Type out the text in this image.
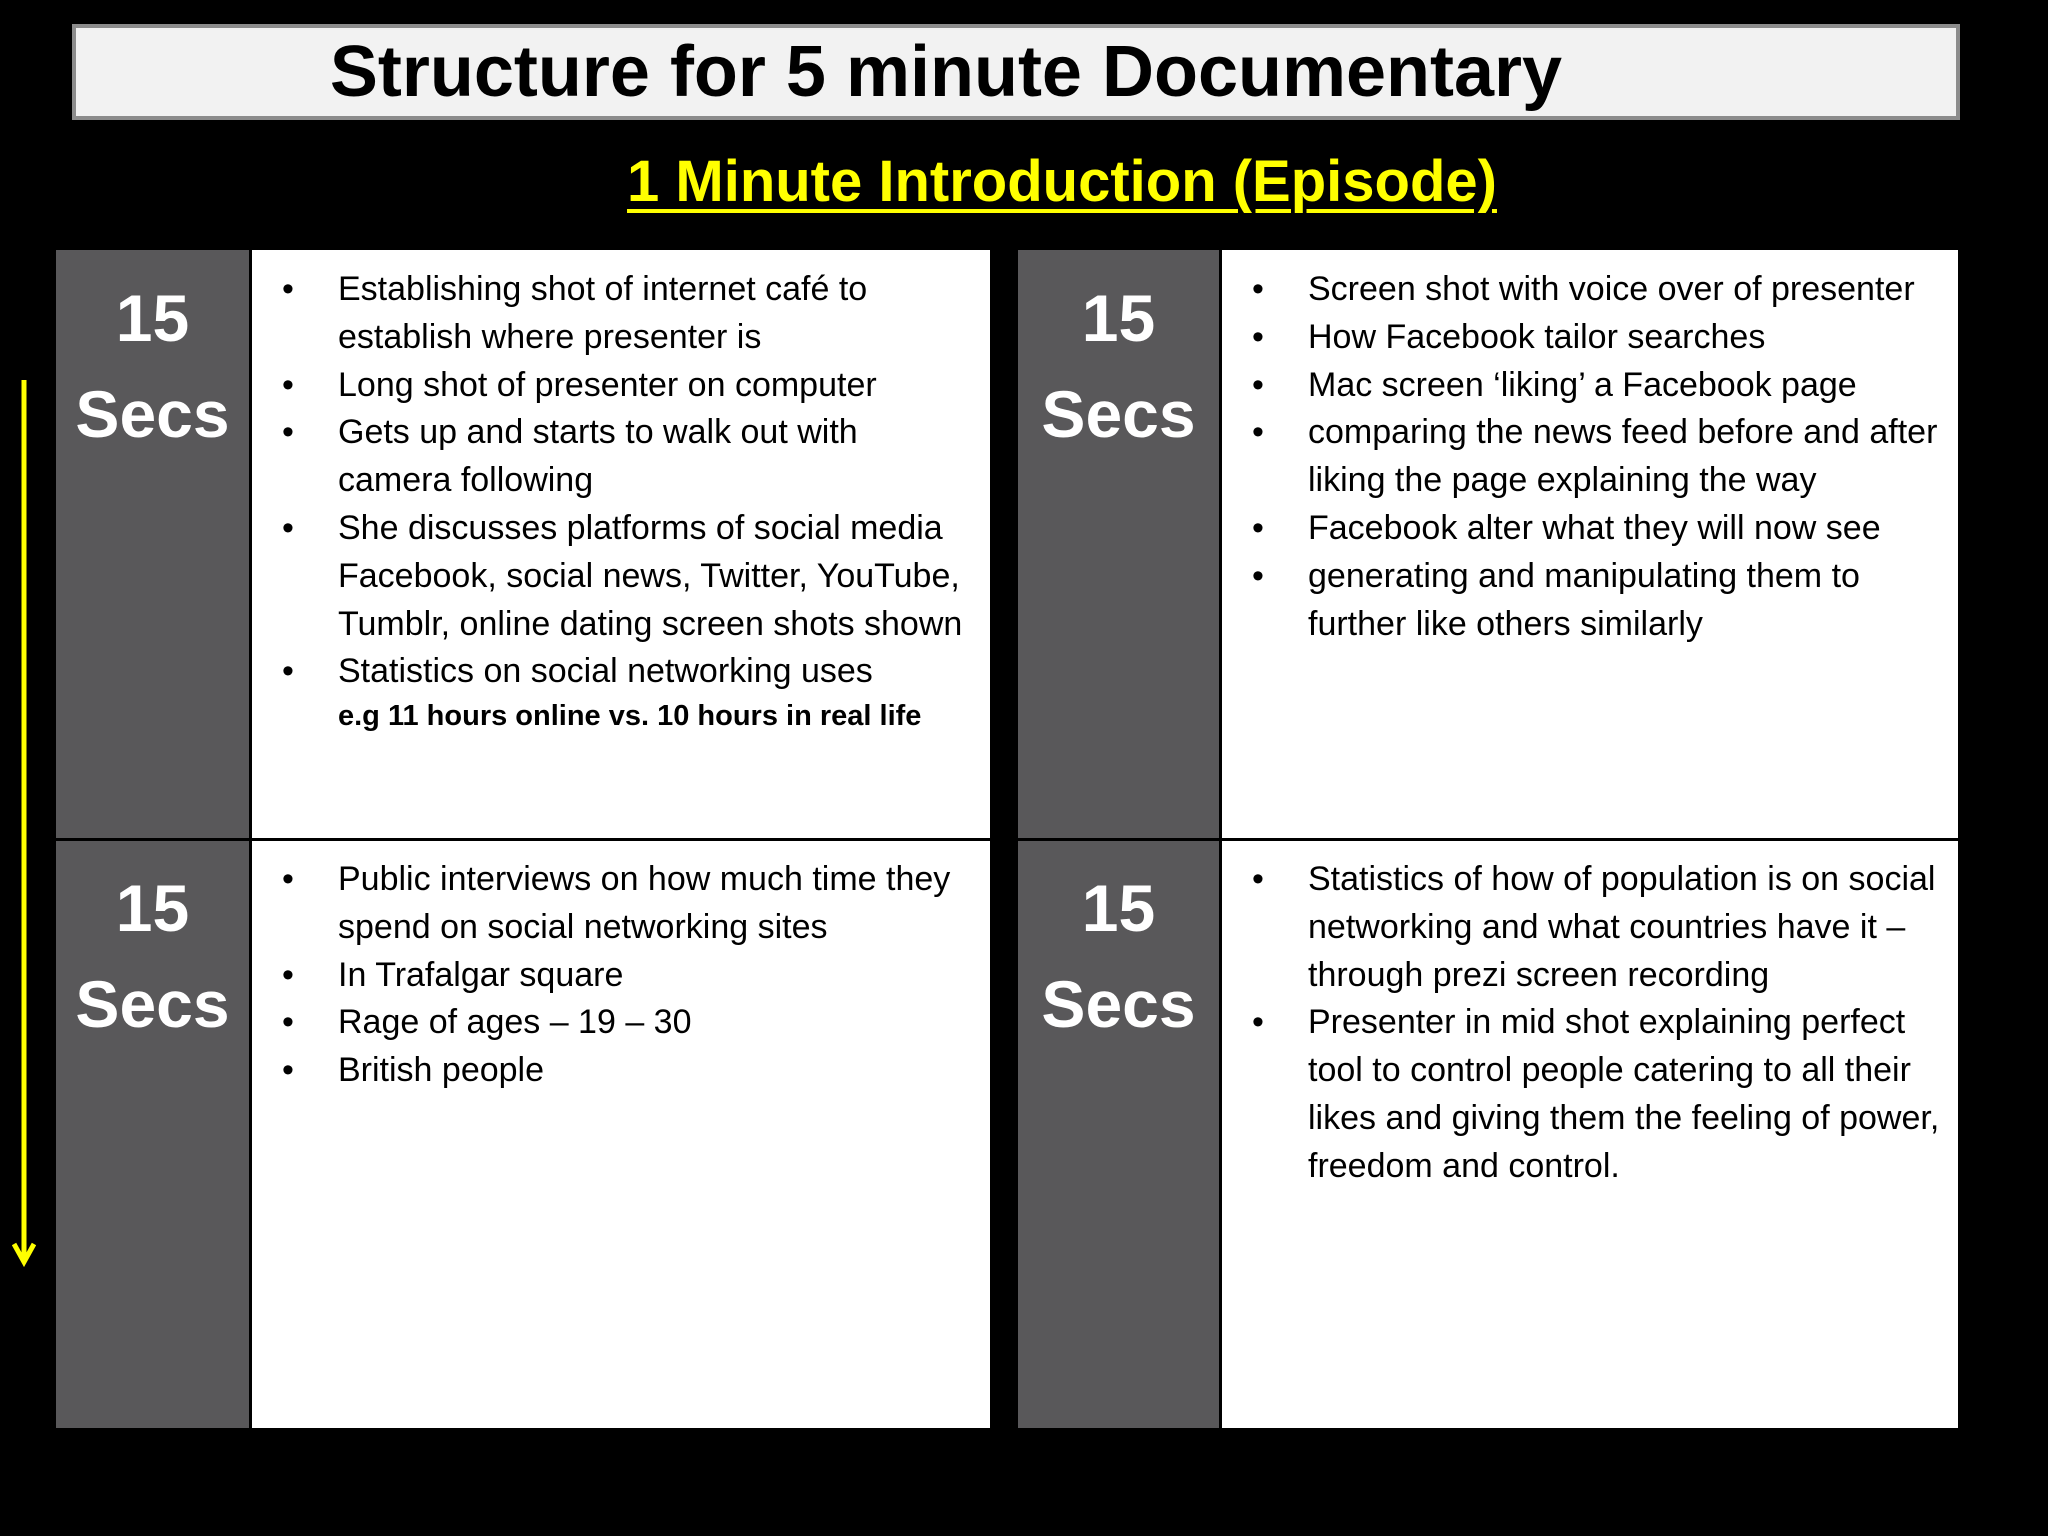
Structure for 5 minute Documentary
1 Minute Introduction (Episode)
15
Secs
• Establishing shot of internet café to establish where presenter is
• Long shot of presenter on computer
• Gets up and starts to walk out with camera following
• She discusses platforms of social media
Facebook, social news, Twitter, YouTube, Tumblr, online dating screen shots shown
• Statistics on social networking uses
e.g 11 hours online vs. 10 hours in real life
15
Secs
• Screen shot with voice over of presenter
• How Facebook tailor searches
• Mac screen ‘liking’ a Facebook page
• comparing the news feed before and after liking the page explaining the way
• Facebook alter what they will now see
• generating and manipulating them to further like others similarly
15
Secs
• Public interviews on how much time they spend on social networking sites
• In Trafalgar square
• Rage of ages – 19 – 30
• British people
15
Secs
• Statistics of how of population is on social networking and what countries have it – through prezi screen recording
• Presenter in mid shot explaining perfect tool to control people catering to all their likes and giving them the feeling of power, freedom and control.
